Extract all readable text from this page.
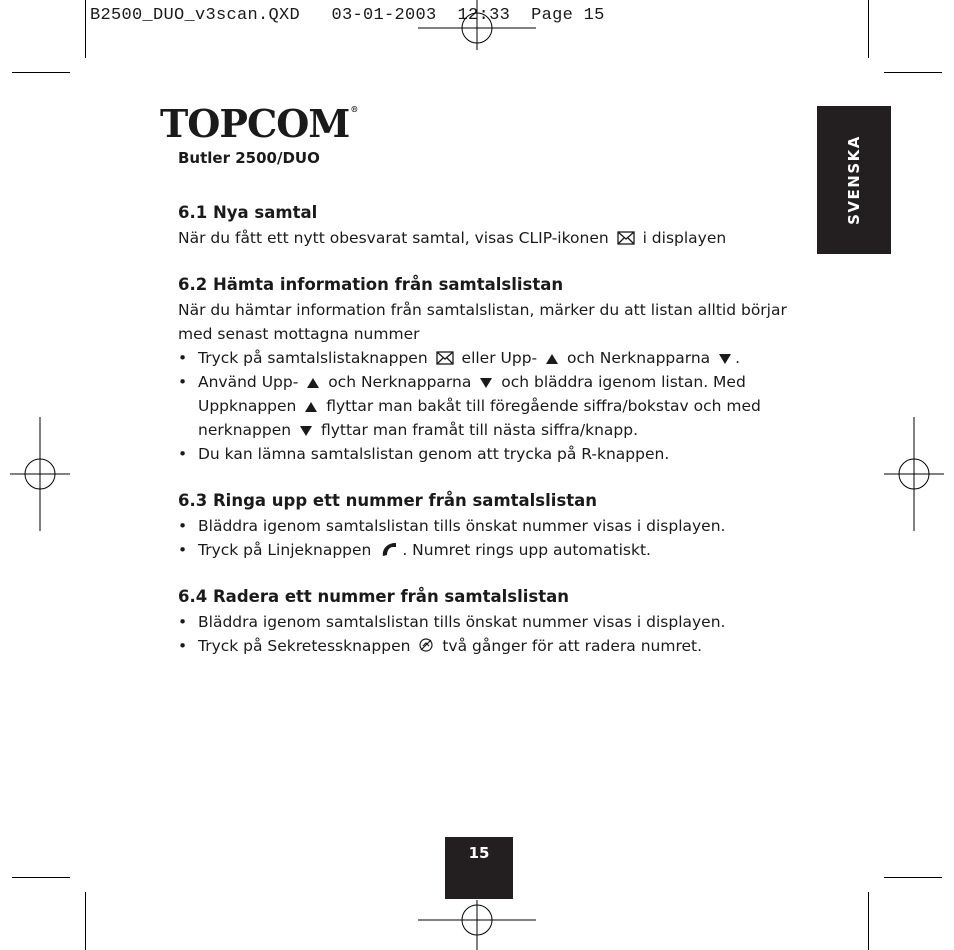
B2500_DUO_v3scan.QXD   03-01-2003  12:33  Page 15
TOPCOM®
Butler 2500/DUO	SVENSKA
6.1 Nya samtal

När du fått ett nytt obesvarat samtal, visas CLIP-ikonen i displayen

6.2 Hämta information från samtalslistan

När du hämtar information från samtalslistan, märker du att listan alltid börjar med senast mottagna nummer

• Tryck på samtalslistaknappen eller Upp- och Nerknapparna .
• Använd Upp- och Nerknapparna och bläddra igenom listan. Med Uppknappen flyttar man bakåt till föregående siffra/bokstav och med nerknappen flyttar man framåt till nästa siffra/knapp.
• Du kan lämna samtalslistan genom att trycka på R-knappen.
6.3 Ringa upp ett nummer från samtalslistan
• Bläddra igenom samtalslistan tills önskat nummer visas i displayen.
• Tryck på Linjeknappen . Numret rings upp automatiskt.
6.4 Radera ett nummer från samtalslistan
• Bläddra igenom samtalslistan tills önskat nummer visas i displayen.
• Tryck på Sekretessknappen två gånger för att radera numret.
15
